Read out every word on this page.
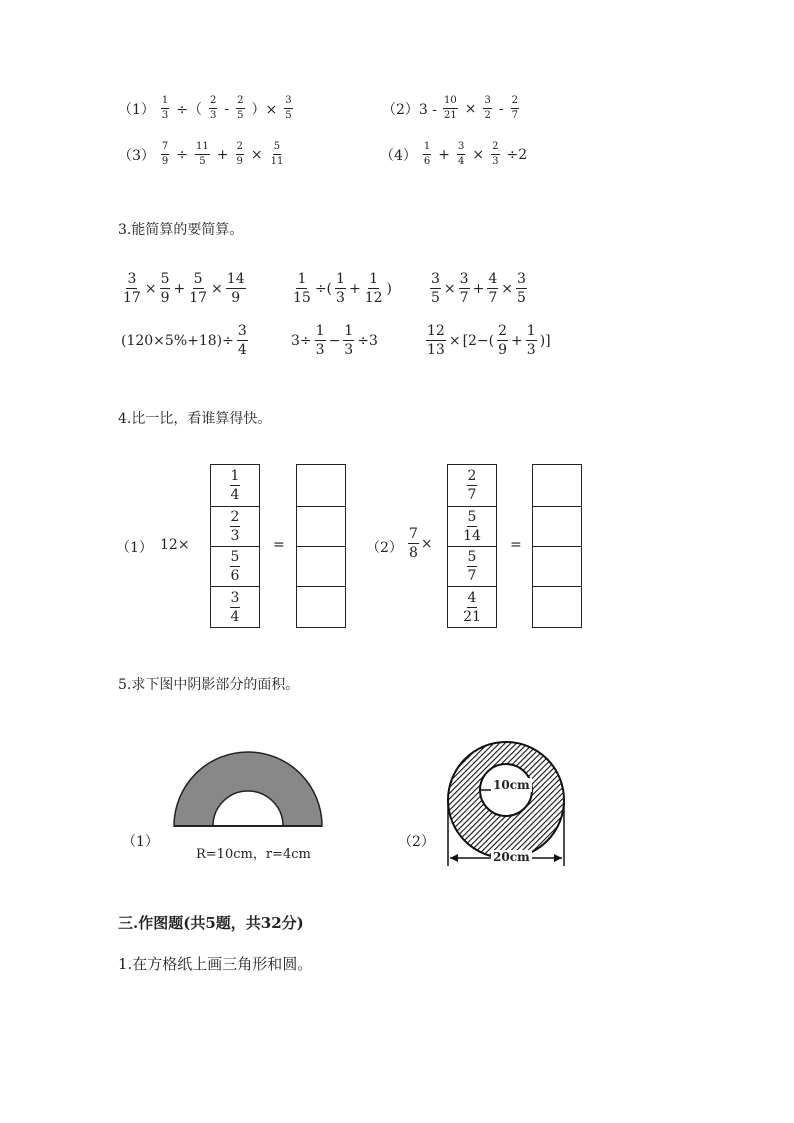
$(1) \frac{1}{3}$ ÷（ $\frac{2}{3} - \frac{2}{5}$ ）× $\frac{3}{5}$	$(2)3 - \frac{10}{21} \times \frac{3}{2} - \frac{2}{7}$
$(3) \frac{7}{9} \div \frac{11}{5} + \frac{2}{9} \times \frac{5}{11}$	$(4) \frac{1}{6} + \frac{3}{4} \times \frac{2}{3} \div 2$
3.能简算的要简算。
$\frac{3}{17} \times \frac{5}{9} + \frac{5}{17} \times \frac{14}{9}$	$\frac{1}{15}$ ÷( $\frac{1}{3} + \frac{1}{12}$ )	$\frac{3}{5} \times \frac{3}{7} + \frac{4}{7} \times \frac{3}{5}$
$(120\times 5\%+18)\div \frac{3}{4}$	$3\div \frac{1}{3} - \frac{1}{3} \div 3$	$\frac{12}{13} \times [2-( \frac{2}{9} + \frac{1}{3}$ )]
4.比一比，看谁算得快。
（1） 12×
$\frac{1}{4}$
$\frac{2}{3}$
$\frac{5}{6}$
$\frac{3}{4}$
=	$(2) \frac{7}{8}$ ×
$\frac{2}{7}$
$\frac{5}{14}$
$\frac{5}{7}$
$\frac{4}{21}$
=
5.求下图中阴影部分的面积。
（1）
R=10cm，r=4cm
10cm
20cm
（2）
三.作图题(共5题，共32分)
1.在方格纸上画三角形和圆。
